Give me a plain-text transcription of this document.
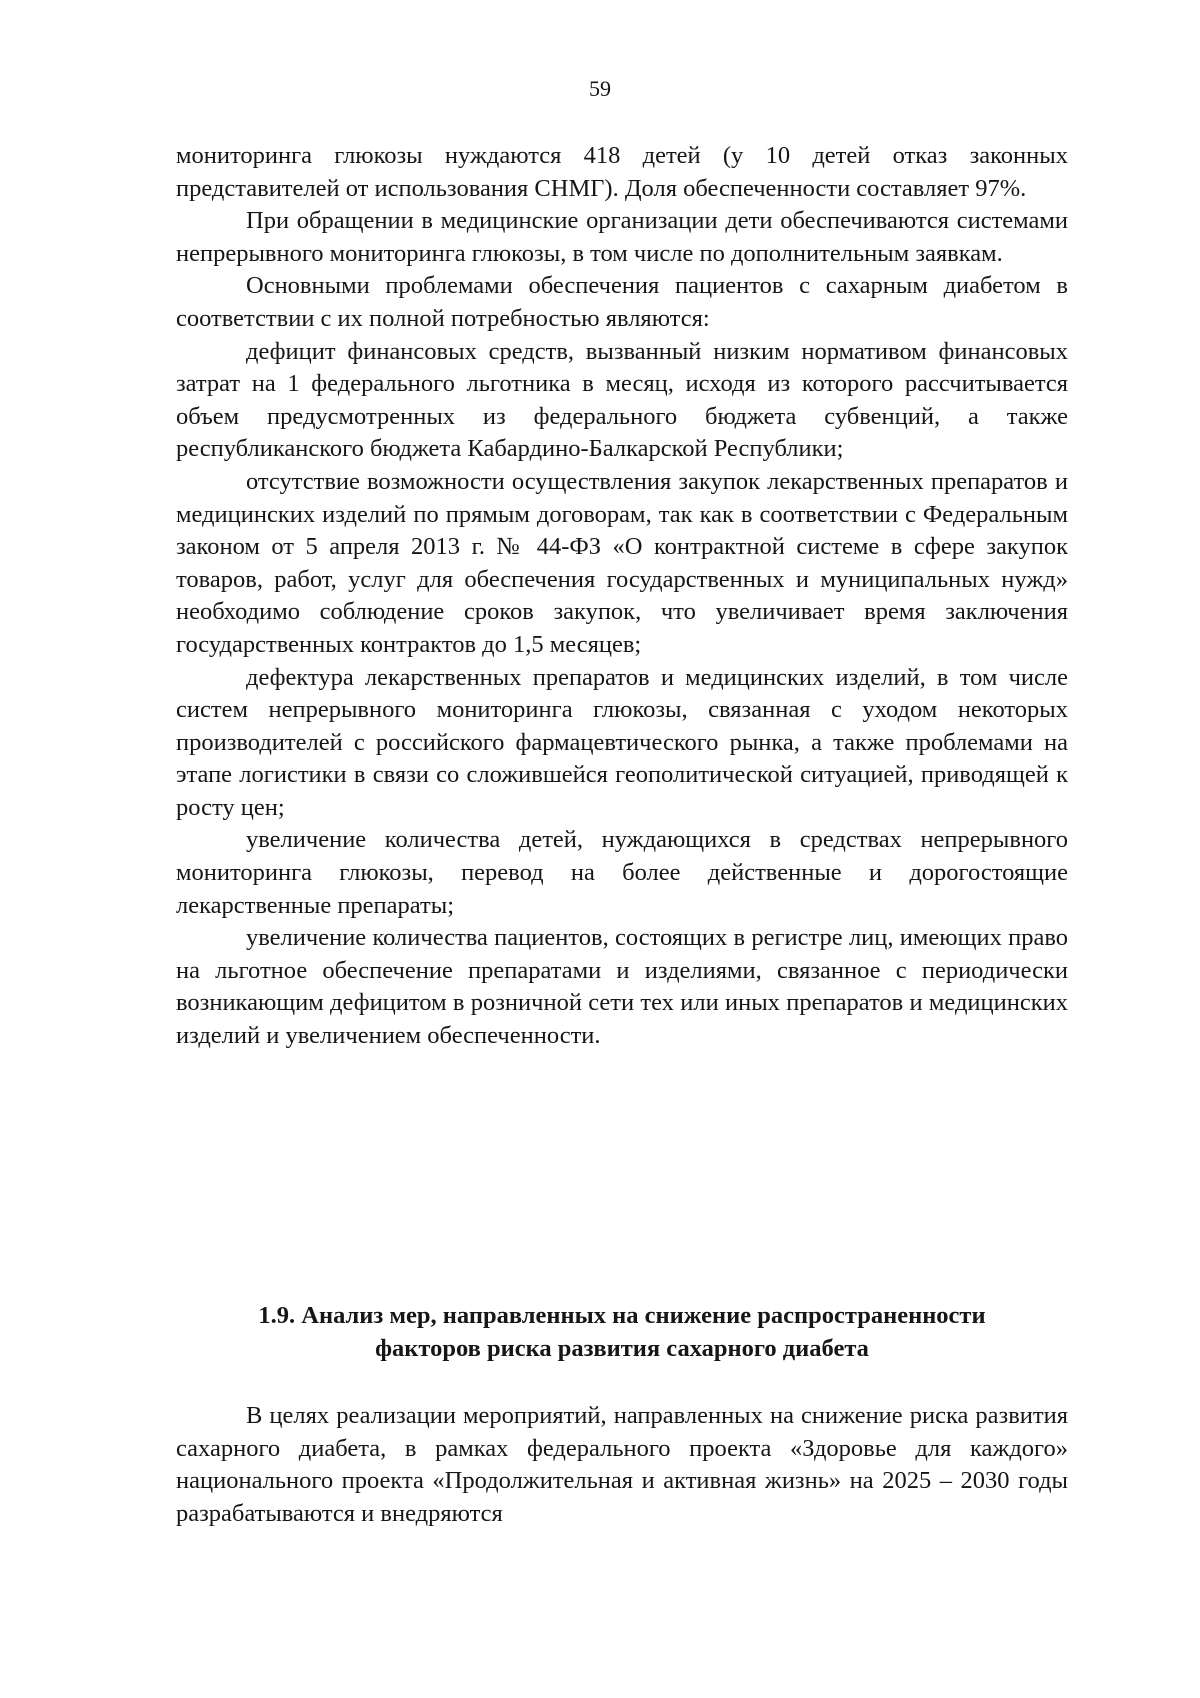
59

мониторинга глюкозы нуждаются 418 детей (у 10 детей отказ законных представителей от использования СНМГ). Доля обеспеченности составляет 97%.

При обращении в медицинские организации дети обеспечиваются системами непрерывного мониторинга глюкозы, в том числе по дополнительным заявкам.

Основными проблемами обеспечения пациентов с сахарным диабетом в соответствии с их полной потребностью являются:

дефицит финансовых средств, вызванный низким нормативом финансовых затрат на 1 федерального льготника в месяц, исходя из которого рассчитывается объем предусмотренных из федерального бюджета субвенций, а также республиканского бюджета Кабардино-Балкарской Республики;

отсутствие возможности осуществления закупок лекарственных препаратов и медицинских изделий по прямым договорам, так как в соответствии с Федеральным законом от 5 апреля 2013 г. № 44-ФЗ «О контрактной системе в сфере закупок товаров, работ, услуг для обеспечения государственных и муниципальных нужд» необходимо соблюдение сроков закупок, что увеличивает время заключения государственных контрактов до 1,5 месяцев;

дефектура лекарственных препаратов и медицинских изделий, в том числе систем непрерывного мониторинга глюкозы, связанная с уходом некоторых производителей с российского фармацевтического рынка, а также проблемами на этапе логистики в связи со сложившейся геополитической ситуацией, приводящей к росту цен;

увеличение количества детей, нуждающихся в средствах непрерывного мониторинга глюкозы, перевод на более действенные и дорогостоящие лекарственные препараты;

увеличение количества пациентов, состоящих в регистре лиц, имеющих право на льготное обеспечение препаратами и изделиями, связанное с периодически возникающим дефицитом в розничной сети тех или иных препаратов и медицинских изделий и увеличением обеспеченности.

1.9. Анализ мер, направленных на снижение распространенности
факторов риска развития сахарного диабета

В целях реализации мероприятий, направленных на снижение риска развития сахарного диабета, в рамках федерального проекта «Здоровье для каждого» национального проекта «Продолжительная и активная жизнь» на 2025 – 2030 годы разрабатываются и внедряются
